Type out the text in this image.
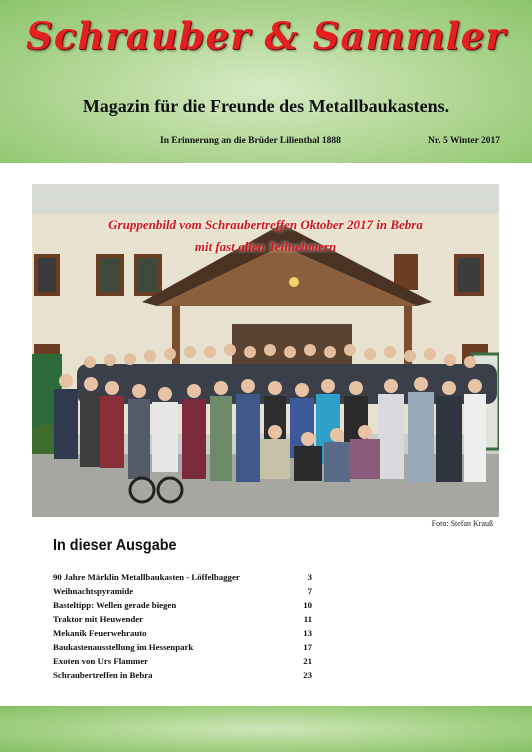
Schrauber & Sammler
Magazin für die Freunde des Metallbaukastens.
In Erinnerung an die Brüder Lilienthal 1888	Nr. 5 Winter 2017
Gruppenbild vom Schraubertreffen Oktober 2017 in Bebra
mit fast allen Teilnehmern
Foto: Stefan Krauß
In dieser Ausgabe
90 Jahre Märklin Metallbaukasten - Löffelbagger	3
Weihnachtspyramide	7
Basteltipp: Wellen gerade biegen	10
Traktor mit Heuwender	11
Mekanik Feuerwehrauto	13
Baukastenausstellung im Hessenpark	17
Exoten von Urs Flammer	21
Schraubertreffen in Bebra	23
